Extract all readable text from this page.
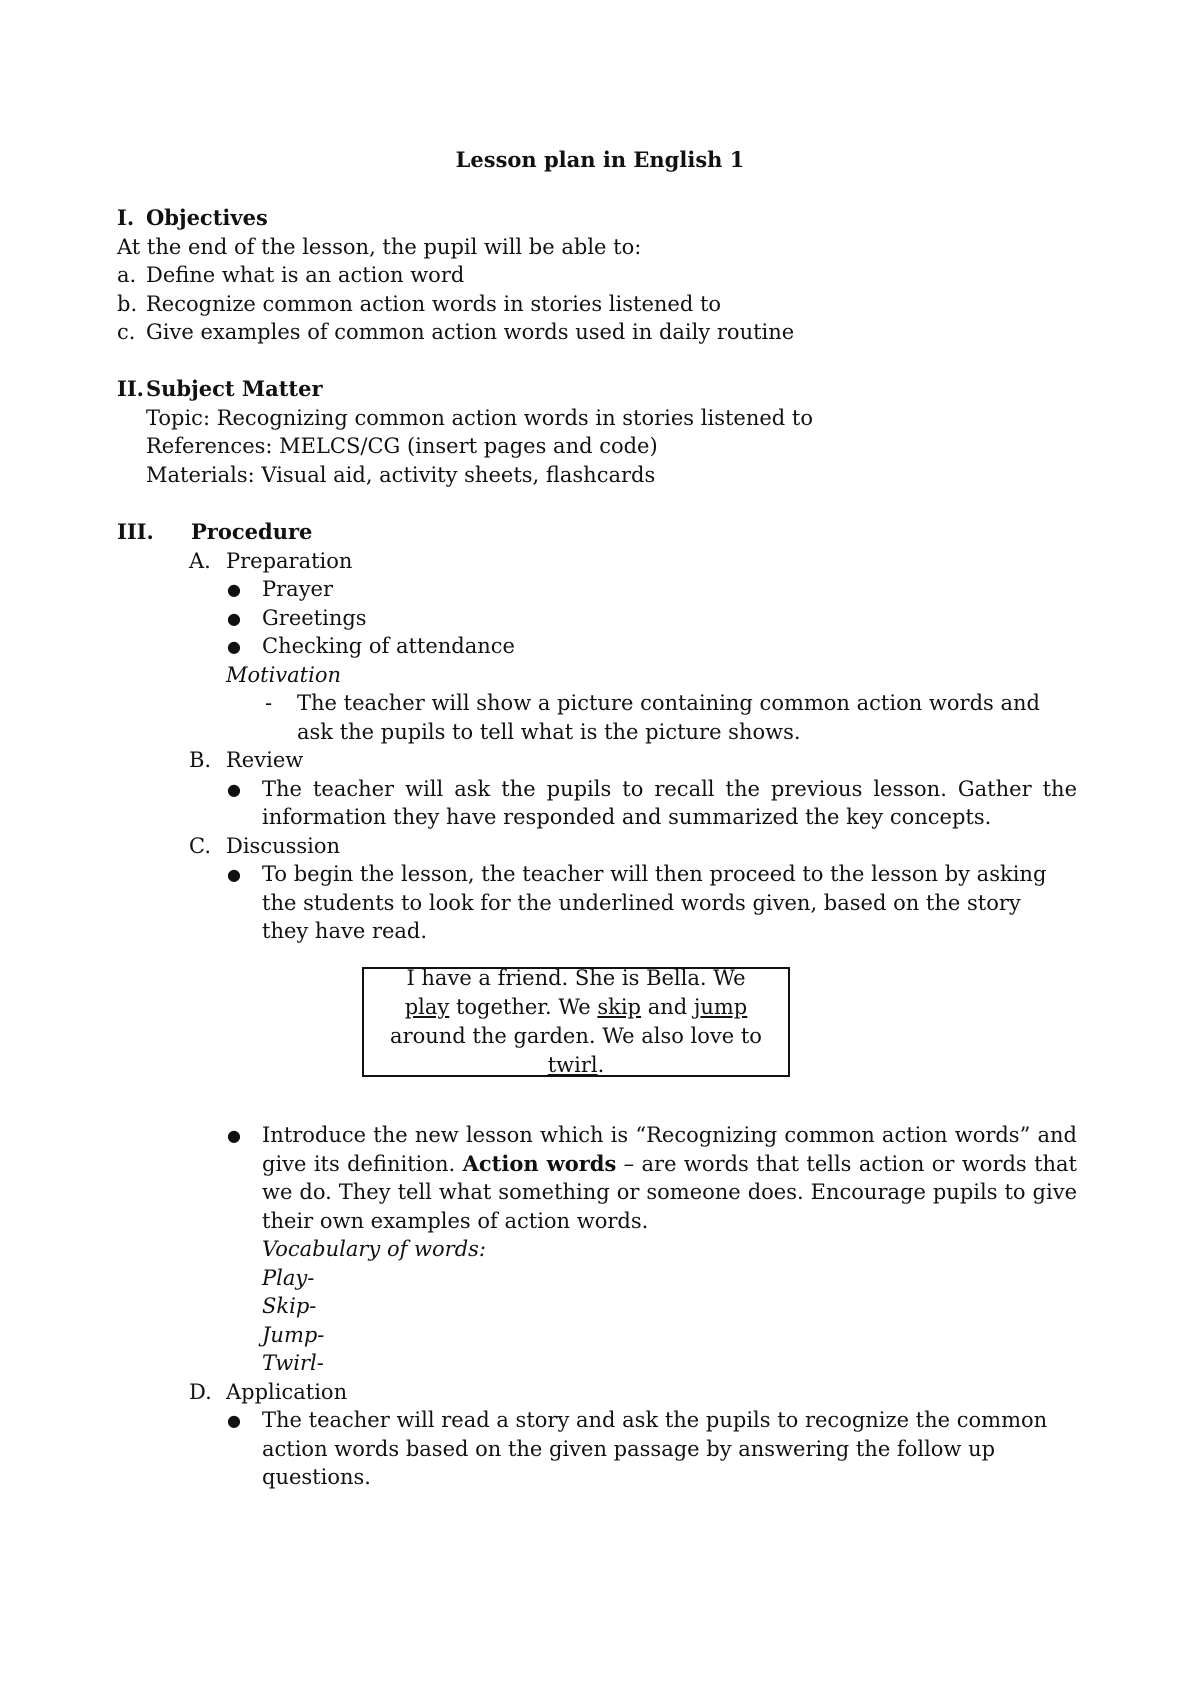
Lesson plan in English 1
I. Objectives
At the end of the lesson, the pupil will be able to:
a. Define what is an action word
b. Recognize common action words in stories listened to
c. Give examples of common action words used in daily routine
II. Subject Matter
Topic: Recognizing common action words in stories listened to
References: MELCS/CG (insert pages and code)
Materials: Visual aid, activity sheets, flashcards
III. Procedure
A. Preparation
● Prayer
● Greetings
● Checking of attendance
Motivation
- The teacher will show a picture containing common action words and ask the pupils to tell what is the picture shows.
B. Review
● The teacher will ask the pupils to recall the previous lesson. Gather the information they have responded and summarized the key concepts.
C. Discussion
● To begin the lesson, the teacher will then proceed to the lesson by asking the students to look for the underlined words given, based on the story they have read.
I have a friend. She is Bella. We play together. We skip and jump around the garden. We also love to twirl.
● Introduce the new lesson which is “Recognizing common action words” and give its definition. Action words – are words that tells action or words that we do. They tell what something or someone does. Encourage pupils to give their own examples of action words.
Vocabulary of words:
Play-
Skip-
Jump-
Twirl-
D. Application
● The teacher will read a story and ask the pupils to recognize the common action words based on the given passage by answering the follow up questions.
